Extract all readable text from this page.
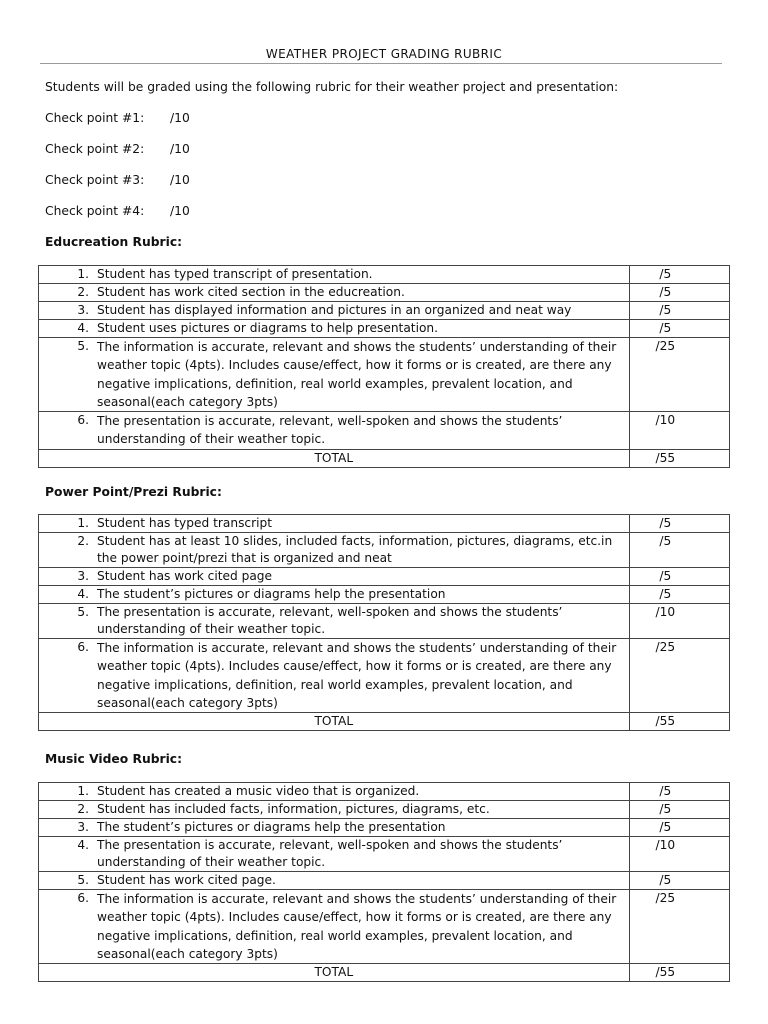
WEATHER PROJECT GRADING RUBRIC
Students will be graded using the following rubric for their weather project and presentation:
Check point #1: /10
Check point #2: /10
Check point #3: /10
Check point #4: /10
Educreation Rubric:
1. Student has typed transcript of presentation.	/5

2. Student has work cited section in the educreation.	/5

3. Student has displayed information and pictures in an organized and neat way	/5

4. Student uses pictures or diagrams to help presentation.	/5

5. The information is accurate, relevant and shows the students’ understanding of their weather topic (4pts). Includes cause/effect, how it forms or is created, are there any negative implications, definition, real world examples, prevalent location, and seasonal(each category 3pts)	/25

6. The presentation is accurate, relevant, well-spoken and shows the students’ understanding of their weather topic.	/10
TOTAL	/55
Power Point/Prezi Rubric:
1. Student has typed transcript	/5

2. Student has at least 10 slides, included facts, information, pictures, diagrams, etc.in the power point/prezi that is organized and neat	/5

3. Student has work cited page	/5

4. The student’s pictures or diagrams help the presentation	/5

5. The presentation is accurate, relevant, well-spoken and shows the students’ understanding of their weather topic.	/10

6. The information is accurate, relevant and shows the students’ understanding of their weather topic (4pts). Includes cause/effect, how it forms or is created, are there any negative implications, definition, real world examples, prevalent location, and seasonal(each category 3pts)	/25
TOTAL	/55
Music Video Rubric:
1. Student has created a music video that is organized.	/5

2. Student has included facts, information, pictures, diagrams, etc.	/5

3. The student’s pictures or diagrams help the presentation	/5

4. The presentation is accurate, relevant, well-spoken and shows the students’ understanding of their weather topic.	/10

5. Student has work cited page.	/5

6. The information is accurate, relevant and shows the students’ understanding of their weather topic (4pts). Includes cause/effect, how it forms or is created, are there any negative implications, definition, real world examples, prevalent location, and seasonal(each category 3pts)	/25
TOTAL	/55
